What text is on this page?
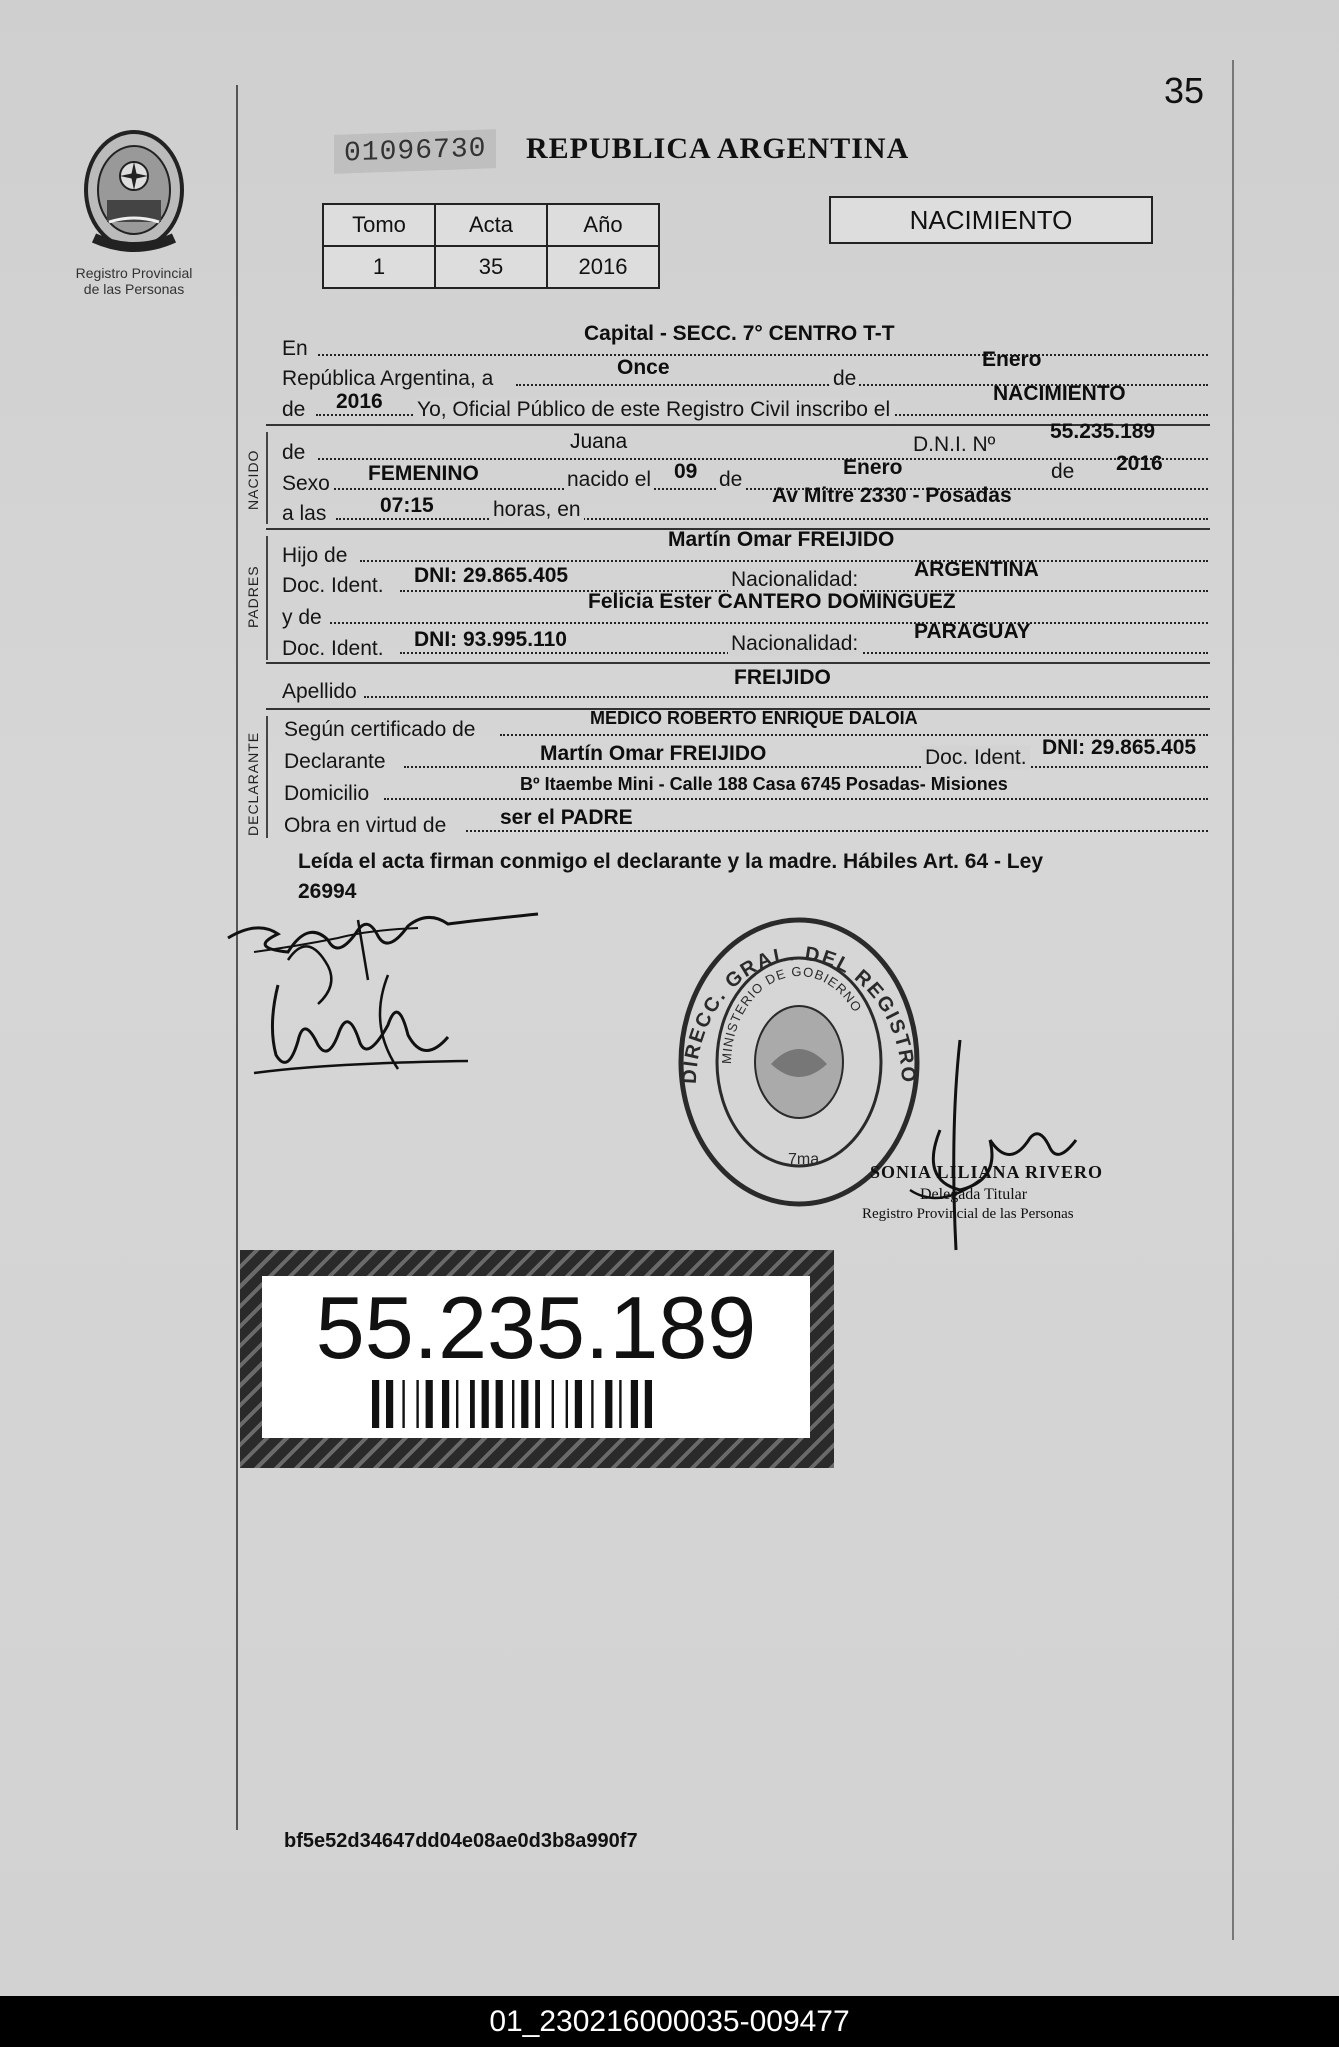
35
Registro Provincial
de las Personas
01096730	REPUBLICA ARGENTINA
Tomo	Acta	Año
1	35	2016
NACIMIENTO
En
Capital - SECC. 7° CENTRO T-T
República Argentina, a	Once	de
Enero
de 2016 Yo, Oficial Público de este Registro Civil inscribo el
NACIMIENTO
NACIDO de	Juana	D.N.I. Nº
55.235.189
Sexo FEMENINO	nacido el 09 de
Enero	de 2016
a las	07:15	horas, en
Av Mitre 2330 - Posadas
PADRES
Hijo de
Martín Omar FREIJIDO
Doc. Ident. DNI: 29.865.405	Nacionalidad:	ARGENTINA
y de
Felicia Ester CANTERO DOMINGUEZ
Doc. Ident. DNI: 93.995.110	Nacionalidad:
PARAGUAY
Apellido
FREIJIDO
DECLARANTE
Según certificado de	MEDICO ROBERTO ENRIQUE DALOIA
Declarante	Martín Omar FREIJIDO	Doc. Ident. DNI: 29.865.405
Domicilio	Bº Itaembe Mini - Calle 188 Casa 6745 Posadas- Misiones
Obra en virtud de	ser el PADRE
Leída el acta firman conmigo el declarante y la madre. Hábiles Art. 64 - Ley
26994
DIRECC. GRAL. DEL REGISTRO
MINISTERIO DE GOBIERNO
7ma
SONIA LILIANA RIVERO
Delegada Titular
Registro Provincial de las Personas
55.235.189
bf5e52d34647dd04e08ae0d3b8a990f7
01_230216000035-009477
